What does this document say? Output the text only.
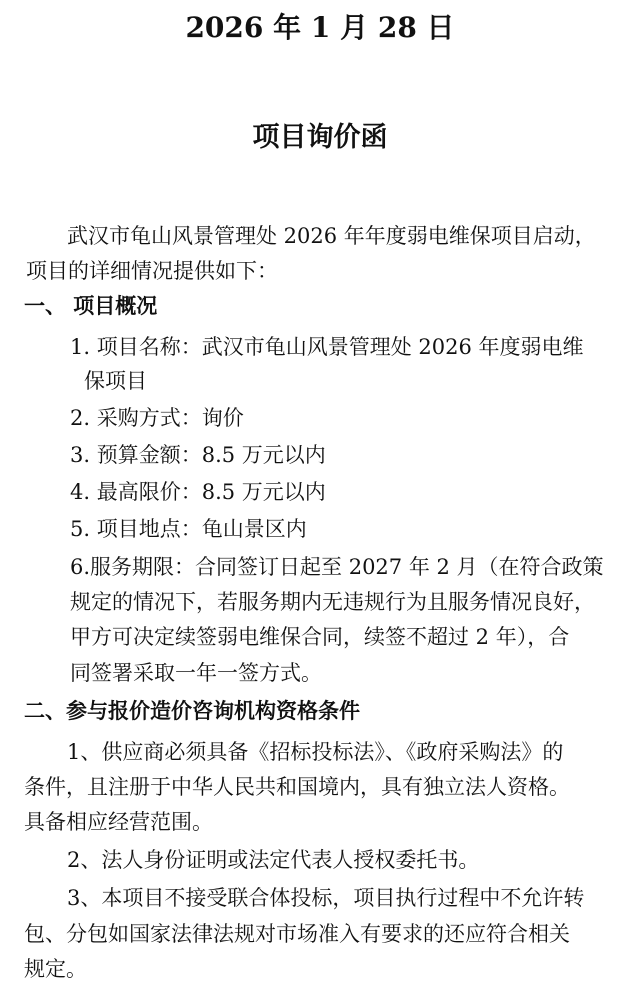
2026 年 1 月 28 日
项目询价函
武汉市龟山风景管理处 2026 年年度弱电维保项目启动，
项目的详细情况提供如下：
一、 项目概况
1. 项目名称：武汉市龟山风景管理处 2026 年度弱电维
保项目
2. 采购方式：询价
3. 预算金额：8.5 万元以内
4. 最高限价：8.5 万元以内
5. 项目地点：龟山景区内
6.服务期限：合同签订日起至 2027 年 2 月（在符合政策
规定的情况下，若服务期内无违规行为且服务情况良好，
甲方可决定续签弱电维保合同，续签不超过 2 年），合
同签署采取一年一签方式。
二、参与报价造价咨询机构资格条件
1、供应商必须具备《招标投标法》、《政府采购法》的
条件，且注册于中华人民共和国境内，具有独立法人资格。
具备相应经营范围。
2、法人身份证明或法定代表人授权委托书。
3、本项目不接受联合体投标，项目执行过程中不允许转
包、分包如国家法律法规对市场准入有要求的还应符合相关
规定。
